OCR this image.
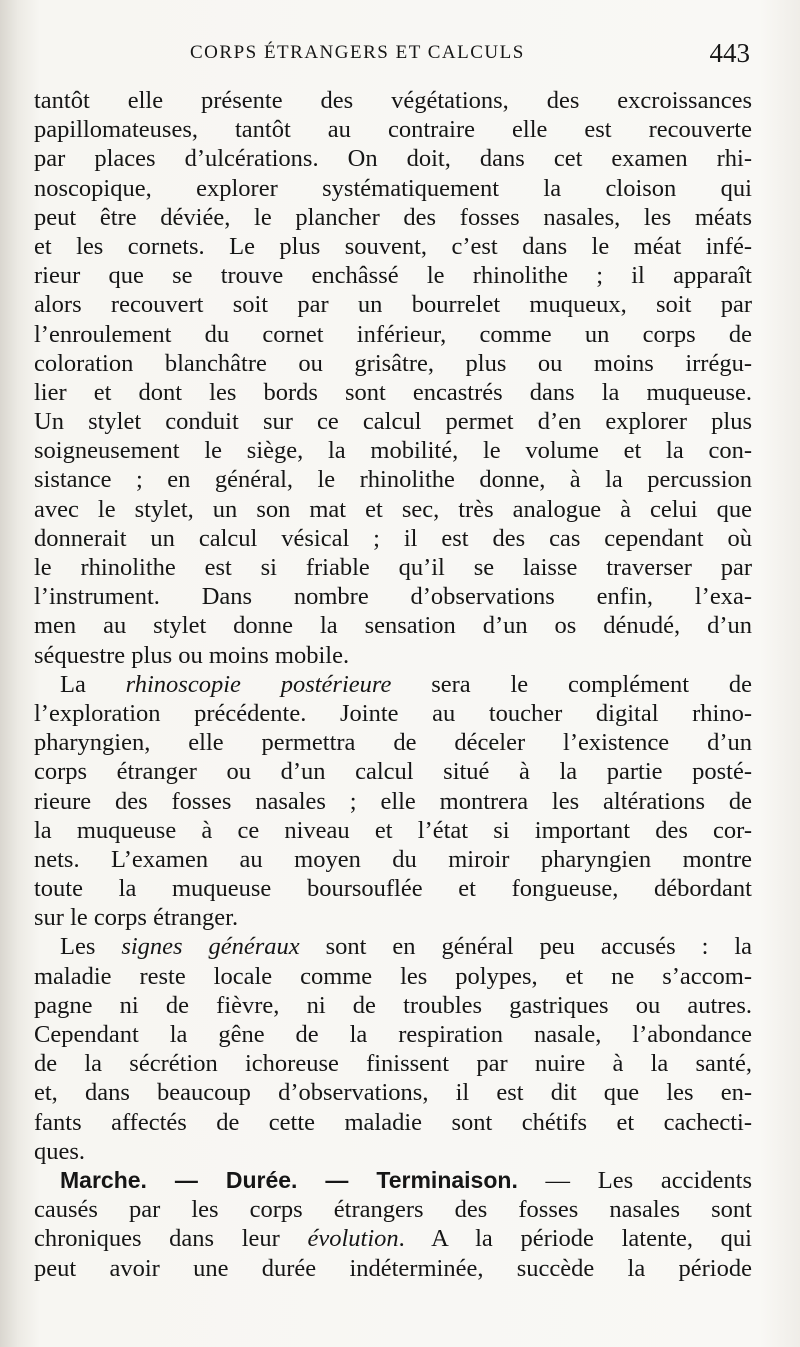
CORPS ÉTRANGERS ET CALCULS	443
tantôt elle présente des végétations, des excroissances
papillomateuses, tantôt au contraire elle est recouverte
par places d’ulcérations. On doit, dans cet examen rhi-
noscopique, explorer systématiquement la cloison qui
peut être déviée, le plancher des fosses nasales, les méats
et les cornets. Le plus souvent, c’est dans le méat infé-
rieur que se trouve enchâssé le rhinolithe ; il apparaît
alors recouvert soit par un bourrelet muqueux, soit par
l’enroulement du cornet inférieur, comme un corps de
coloration blanchâtre ou grisâtre, plus ou moins irrégu-
lier et dont les bords sont encastrés dans la muqueuse.
Un stylet conduit sur ce calcul permet d’en explorer plus
soigneusement le siège, la mobilité, le volume et la con-
sistance ; en général, le rhinolithe donne, à la percussion
avec le stylet, un son mat et sec, très analogue à celui que
donnerait un calcul vésical ; il est des cas cependant où
le rhinolithe est si friable qu’il se laisse traverser par
l’instrument. Dans nombre d’observations enfin, l’exa-
men au stylet donne la sensation d’un os dénudé, d’un
séquestre plus ou moins mobile.
La rhinoscopie postérieure sera le complément de
l’exploration précédente. Jointe au toucher digital rhino-
pharyngien, elle permettra de déceler l’existence d’un
corps étranger ou d’un calcul situé à la partie posté-
rieure des fosses nasales ; elle montrera les altérations de
la muqueuse à ce niveau et l’état si important des cor-
nets. L’examen au moyen du miroir pharyngien montre
toute la muqueuse boursouflée et fongueuse, débordant
sur le corps étranger.
Les signes généraux sont en général peu accusés : la
maladie reste locale comme les polypes, et ne s’accom-
pagne ni de fièvre, ni de troubles gastriques ou autres.
Cependant la gêne de la respiration nasale, l’abondance
de la sécrétion ichoreuse finissent par nuire à la santé,
et, dans beaucoup d’observations, il est dit que les en-
fants affectés de cette maladie sont chétifs et cachecti-
ques.
Marche. — Durée. — Terminaison. — Les accidents
causés par les corps étrangers des fosses nasales sont
chroniques dans leur évolution. A la période latente, qui
peut avoir une durée indéterminée, succède la période
